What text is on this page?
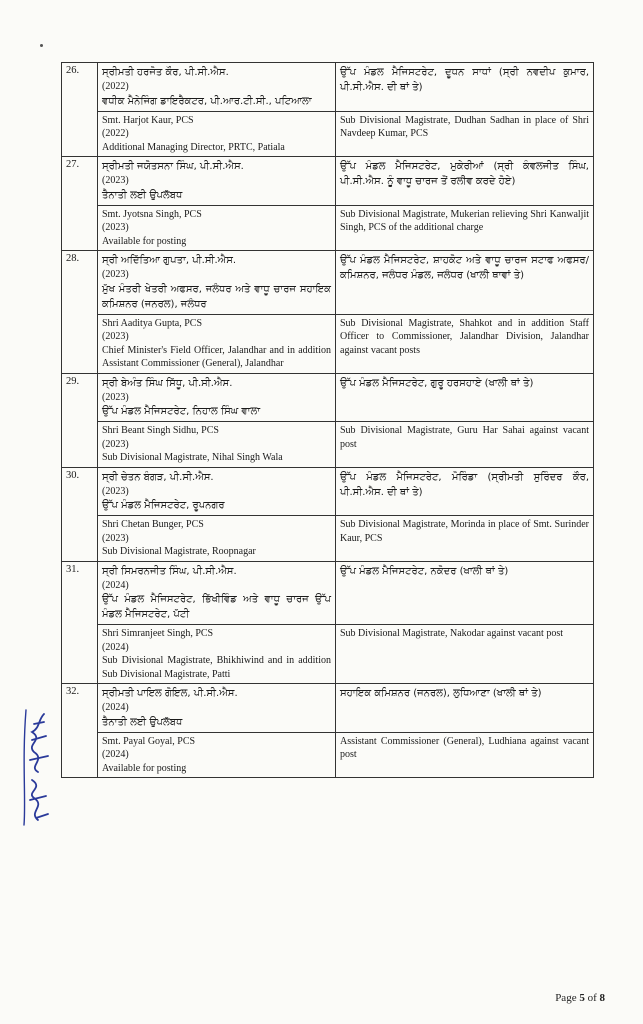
26.	ਸ੍ਰੀਮਤੀ ਹਰਜੋਤ ਕੌਰ, ਪੀ.ਸੀ.ਐਸ.
(2022)
ਵਧੀਕ ਮੈਨੇਜਿੰਗ ਡਾਇਰੈਕਟਰ, ਪੀ.ਆਰ.ਟੀ.ਸੀ., ਪਟਿਆਲਾ	ਉੱਪ ਮੰਡਲ ਮੈਜਿਸਟਰੇਟ, ਦੂਧਨ ਸਾਧਾਂ (ਸ੍ਰੀ ਨਵਦੀਪ ਕੁਮਾਰ, ਪੀ.ਸੀ.ਐਸ. ਦੀ ਥਾਂ ਤੇ)

	Smt. Harjot Kaur, PCS
(2022)
Additional Managing Director, PRTC, Patiala	Sub Divisional Magistrate, Dudhan Sadhan in place of Shri Navdeep Kumar, PCS
27.	ਸ੍ਰੀਮਤੀ ਜਯੋਤਸਨਾ ਸਿੰਘ, ਪੀ.ਸੀ.ਐਸ.
(2023)
ਤੈਨਾਤੀ ਲਈ ਉਪਲੱਬਧ	ਉੱਪ ਮੰਡਲ ਮੈਜਿਸਟਰੇਟ, ਮੁਕੇਰੀਆਂ (ਸ੍ਰੀ ਕੰਵਲਜੀਤ ਸਿੰਘ, ਪੀ.ਸੀ.ਐਸ. ਨੂੰ ਵਾਧੂ ਚਾਰਜ ਤੋਂ ਰਲੀਵ ਕਰਦੇ ਹੋਏ)

	Smt. Jyotsna Singh, PCS
(2023)
Available for posting	Sub Divisional Magistrate, Mukerian relieving Shri Kanwaljit Singh, PCS of the additional charge
28.	ਸ੍ਰੀ ਅਦਿੱਤਿਆ ਗੁਪਤਾ, ਪੀ.ਸੀ.ਐਸ.
(2023)
ਮੁੱਖ ਮੰਤਰੀ ਖੇਤਰੀ ਅਫਸਰ, ਜਲੰਧਰ ਅਤੇ ਵਾਧੂ ਚਾਰਜ ਸਹਾਇਕ ਕਮਿਸ਼ਨਰ (ਜਨਰਲ), ਜਲੰਧਰ	ਉੱਪ ਮੰਡਲ ਮੈਜਿਸਟਰੇਟ, ਸ਼ਾਹਕੋਟ ਅਤੇ ਵਾਧੂ ਚਾਰਜ ਸਟਾਫ ਅਫਸਰ/ ਕਮਿਸ਼ਨਰ, ਜਲੰਧਰ ਮੰਡਲ, ਜਲੰਧਰ (ਖਾਲੀ ਥਾਵਾਂ ਤੇ)

	Shri Aaditya Gupta, PCS
(2023)
Chief Minister's Field Officer, Jalandhar and in addition Assistant Commissioner (General), Jalandhar	Sub Divisional Magistrate, Shahkot and in addition Staff Officer to Commissioner, Jalandhar Division, Jalandhar against vacant posts
29.	ਸ੍ਰੀ ਬੇਅੰਤ ਸਿੰਘ ਸਿੱਧੂ, ਪੀ.ਸੀ.ਐਸ.
(2023)
ਉੱਪ ਮੰਡਲ ਮੈਜਿਸਟਰੇਟ, ਨਿਹਾਲ ਸਿੰਘ ਵਾਲਾ	ਉੱਪ ਮੰਡਲ ਮੈਜਿਸਟਰੇਟ, ਗੁਰੂ ਹਰਸਹਾਏ (ਖਾਲੀ ਥਾਂ ਤੇ)

	Shri Beant Singh Sidhu, PCS
(2023)
Sub Divisional Magistrate, Nihal Singh Wala	Sub Divisional Magistrate, Guru Har Sahai against vacant post
30.	ਸ੍ਰੀ ਚੇਤਨ ਬੰਗੜ, ਪੀ.ਸੀ.ਐਸ.
(2023)
ਉੱਪ ਮੰਡਲ ਮੈਜਿਸਟਰੇਟ, ਰੂਪਨਗਰ	ਉੱਪ ਮੰਡਲ ਮੈਜਿਸਟਰੇਟ, ਮੋਰਿੰਡਾ (ਸ੍ਰੀਮਤੀ ਸੁਰਿੰਦਰ ਕੌਰ, ਪੀ.ਸੀ.ਐਸ. ਦੀ ਥਾਂ ਤੇ)

	Shri Chetan Bunger, PCS
(2023)
Sub Divisional Magistrate, Roopnagar	Sub Divisional Magistrate, Morinda in place of Smt. Surinder Kaur, PCS
31.	ਸ੍ਰੀ ਸਿਮਰਨਜੀਤ ਸਿੰਘ, ਪੀ.ਸੀ.ਐਸ.
(2024)
ਉੱਪ ਮੰਡਲ ਮੈਜਿਸਟਰੇਟ, ਭਿੱਖੀਵਿੰਡ ਅਤੇ ਵਾਧੂ ਚਾਰਜ ਉੱਪ ਮੰਡਲ ਮੈਜਿਸਟਰੇਟ, ਪੱਟੀ	ਉੱਪ ਮੰਡਲ ਮੈਜਿਸਟਰੇਟ, ਨਕੋਦਰ (ਖਾਲੀ ਥਾਂ ਤੇ)

	Shri Simranjeet Singh, PCS
(2024)
Sub Divisional Magistrate, Bhikhiwind and in addition Sub Divisional Magistrate, Patti	Sub Divisional Magistrate, Nakodar against vacant post
32.	ਸ੍ਰੀਮਤੀ ਪਾਇਲ ਗੋਇਲ, ਪੀ.ਸੀ.ਐਸ.
(2024)
ਤੈਨਾਤੀ ਲਈ ਉਪਲੱਬਧ	ਸਹਾਇਕ ਕਮਿਸ਼ਨਰ (ਜਨਰਲ), ਲੁਧਿਆਣਾ (ਖਾਲੀ ਥਾਂ ਤੇ)

	Smt. Payal Goyal, PCS
(2024)
Available for posting	Assistant Commissioner (General), Ludhiana against vacant post
Page 5 of 8
